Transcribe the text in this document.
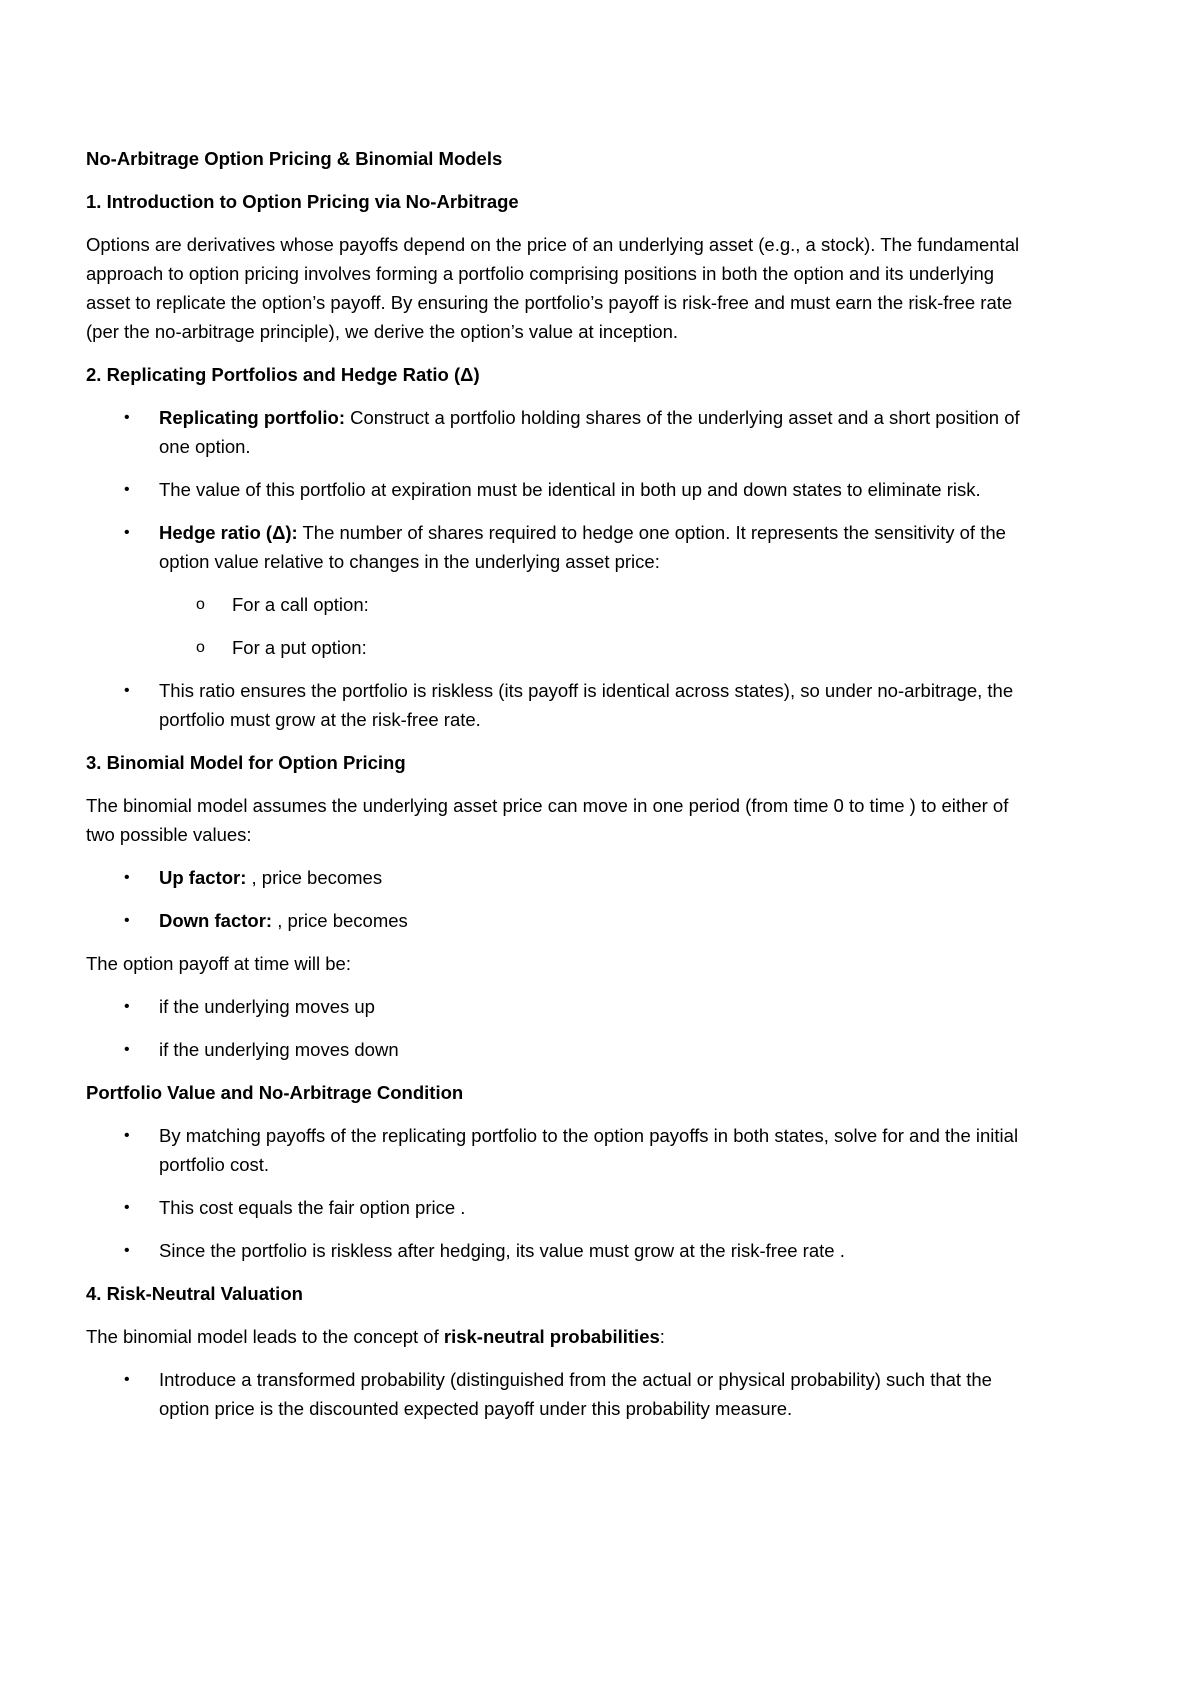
No-Arbitrage Option Pricing & Binomial Models
1. Introduction to Option Pricing via No-Arbitrage
Options are derivatives whose payoffs depend on the price of an underlying asset (e.g., a stock). The fundamental approach to option pricing involves forming a portfolio comprising positions in both the option and its underlying asset to replicate the option’s payoff. By ensuring the portfolio’s payoff is risk-free and must earn the risk-free rate (per the no-arbitrage principle), we derive the option’s value at inception.
2. Replicating Portfolios and Hedge Ratio (Δ)
• Replicating portfolio: Construct a portfolio holding shares of the underlying asset and a short position of one option.
• The value of this portfolio at expiration must be identical in both up and down states to eliminate risk.
• Hedge ratio (Δ): The number of shares required to hedge one option. It represents the sensitivity of the option value relative to changes in the underlying asset price:
o For a call option:
o For a put option:
• This ratio ensures the portfolio is riskless (its payoff is identical across states), so under no-arbitrage, the portfolio must grow at the risk-free rate.
3. Binomial Model for Option Pricing
The binomial model assumes the underlying asset price can move in one period (from time 0 to time ) to either of two possible values:
• Up factor: , price becomes
• Down factor: , price becomes
The option payoff at time will be:
• if the underlying moves up
• if the underlying moves down
Portfolio Value and No-Arbitrage Condition
• By matching payoffs of the replicating portfolio to the option payoffs in both states, solve for and the initial portfolio cost.
• This cost equals the fair option price .
• Since the portfolio is riskless after hedging, its value must grow at the risk-free rate .
4. Risk-Neutral Valuation
The binomial model leads to the concept of risk-neutral probabilities:
• Introduce a transformed probability (distinguished from the actual or physical probability) such that the option price is the discounted expected payoff under this probability measure.
